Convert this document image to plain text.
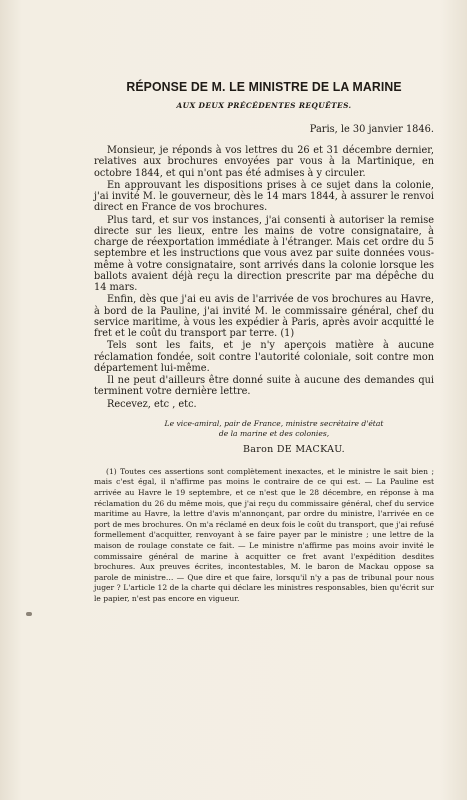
RÉPONSE DE M. LE MINISTRE DE LA MARINE
AUX DEUX PRÉCÉDENTES REQUÊTES.
Paris, le 30 janvier 1846.

Monsieur, je réponds à vos lettres du 26 et 31 décembre dernier, relatives aux brochures envoyées par vous à la Martinique, en octobre 1844, et qui n'ont pas été admises à y circuler.

En approuvant les dispositions prises à ce sujet dans la colonie, j'ai invité M. le gouverneur, dès le 14 mars 1844, à assurer le renvoi direct en France de vos brochures.

Plus tard, et sur vos instances, j'ai consenti à autoriser la remise directe sur les lieux, entre les mains de votre consignataire, à charge de réexportation immédiate à l'étranger. Mais cet ordre du 5 septembre et les instructions que vous avez par suite données vous-même à votre consignataire, sont arrivés dans la colonie lorsque les ballots avaient déjà reçu la direction prescrite par ma dépêche du 14 mars.

Enfin, dès que j'ai eu avis de l'arrivée de vos brochures au Havre, à bord de la Pauline, j'ai invité M. le commissaire général, chef du service maritime, à vous les expédier à Paris, après avoir acquitté le fret et le coût du transport par terre. (1)

Tels sont les faits, et je n'y aperçois matière à aucune réclamation fondée, soit contre l'autorité coloniale, soit contre mon département lui-même.

Il ne peut d'ailleurs être donné suite à aucune des demandes qui terminent votre dernière lettre.

Recevez, etc , etc.

Le vice-amiral, pair de France, ministre secrétaire d'état
de la marine et des colonies,
Baron DE MACKAU.

(1) Toutes ces assertions sont complètement inexactes, et le ministre le sait bien ; mais c'est égal, il n'affirme pas moins le contraire de ce qui est. — La Pauline est arrivée au Havre le 19 septembre, et ce n'est que le 28 décembre, en réponse à ma réclamation du 26 du même mois, que j'ai reçu du commissaire général, chef du service maritime au Havre, la lettre d'avis m'annonçant, par ordre du ministre, l'arrivée en ce port de mes brochures. On m'a réclamé en deux fois le coût du transport, que j'ai refusé formellement d'acquitter, renvoyant à se faire payer par le ministre ; une lettre de la maison de roulage constate ce fait. — Le ministre n'affirme pas moins avoir invité le commissaire général de marine à acquitter ce fret avant l'expédition desdites brochures. Aux preuves écrites, incontestables, M. le baron de Mackau oppose sa parole de ministre… — Que dire et que faire, lorsqu'il n'y a pas de tribunal pour nous juger ? L'article 12 de la charte qui déclare les ministres responsables, bien qu'écrit sur le papier, n'est pas encore en vigueur.
